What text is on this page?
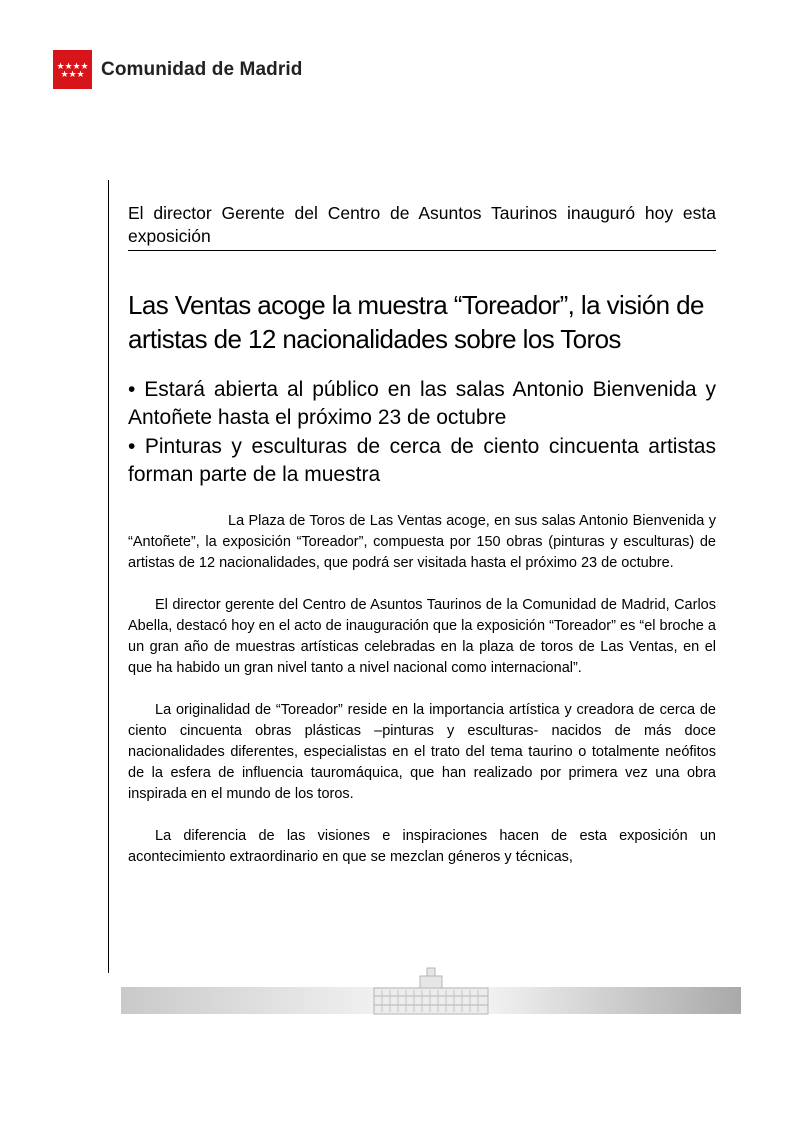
★ ★ ★ ★
★ ★ ★ Comunidad de Madrid
El director Gerente del Centro de Asuntos Taurinos inauguró hoy esta exposición
Las Ventas acoge la muestra “Toreador”, la visión de artistas de 12 nacionalidades sobre los Toros
• Estará abierta al público en las salas Antonio Bienvenida y Antoñete hasta el próximo 23 de octubre
• Pinturas y esculturas de cerca de ciento cincuenta artistas forman parte de la muestra

La Plaza de Toros de Las Ventas acoge, en sus salas Antonio Bienvenida y “Antoñete”, la exposición “Toreador”, compuesta por 150 obras (pinturas y esculturas) de artistas de 12 nacionalidades, que podrá ser visitada hasta el próximo 23 de octubre.

El director gerente del Centro de Asuntos Taurinos de la Comunidad de Madrid, Carlos Abella, destacó hoy en el acto de inauguración que la exposición “Toreador” es “el broche a un gran año de muestras artísticas celebradas en la plaza de toros de Las Ventas, en el que ha habido un gran nivel tanto a nivel nacional como internacional”.

La originalidad de “Toreador” reside en la importancia artística y creadora de cerca de ciento cincuenta obras plásticas –pinturas y esculturas- nacidos de más doce nacionalidades diferentes, especialistas en el trato del tema taurino o totalmente neófitos de la esfera de influencia tauromáquica, que han realizado por primera vez una obra inspirada en el mundo de los toros.

La diferencia de las visiones e inspiraciones hacen de esta exposición un acontecimiento extraordinario en que se mezclan géneros y técnicas,
